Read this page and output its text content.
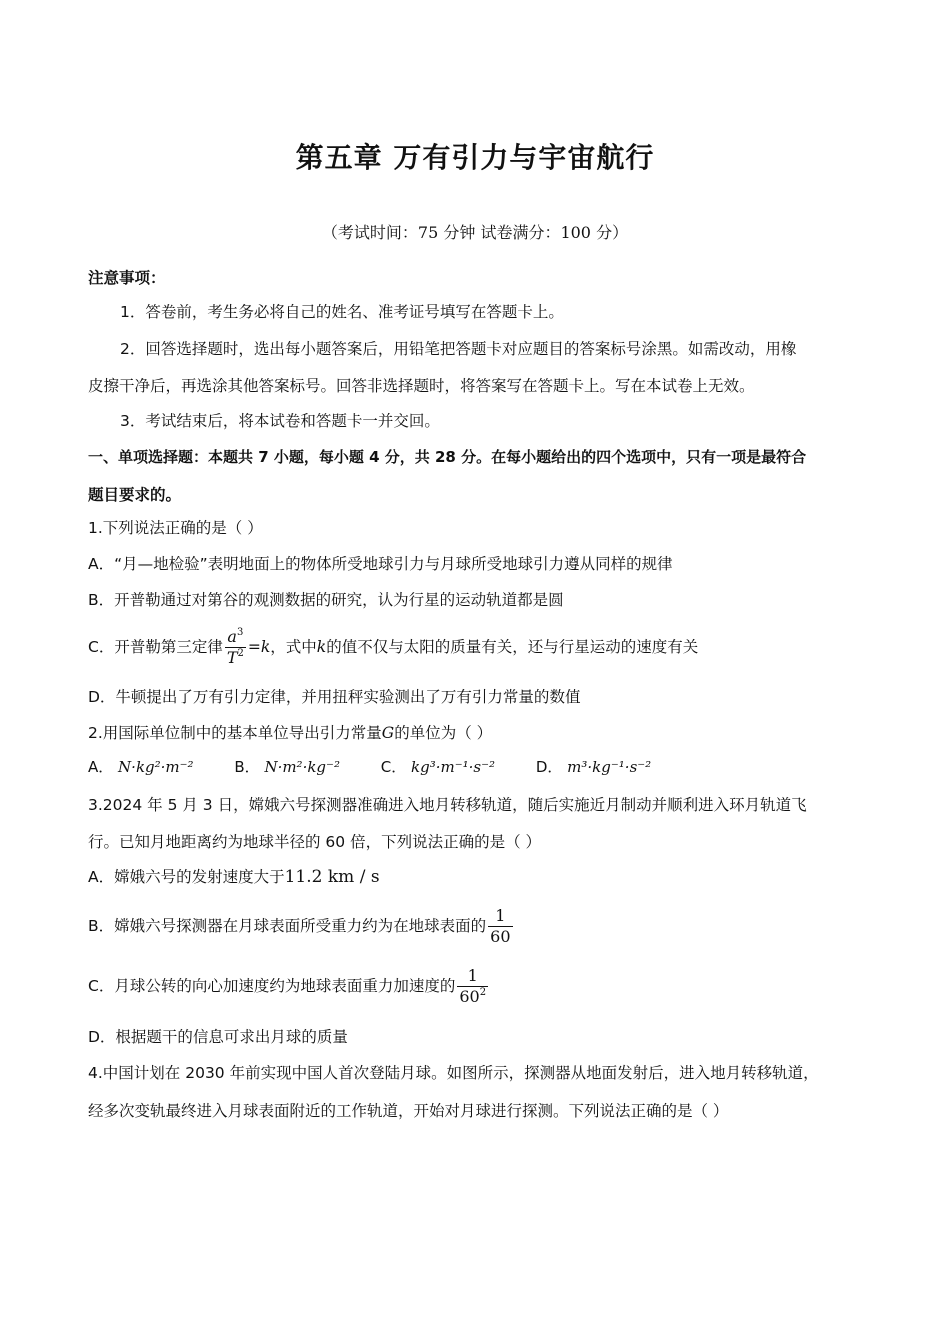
第五章 万有引力与宇宙航行
（考试时间：75 分钟 试卷满分：100 分）
注意事项：
1．答卷前，考生务必将自己的姓名、准考证号填写在答题卡上。
2．回答选择题时，选出每小题答案后，用铅笔把答题卡对应题目的答案标号涂黑。如需改动，用橡
皮擦干净后，再选涂其他答案标号。回答非选择题时，将答案写在答题卡上。写在本试卷上无效。
3．考试结束后，将本试卷和答题卡一并交回。
一、单项选择题：本题共 7 小题，每小题 4 分，共 28 分。在每小题给出的四个选项中，只有一项是最符合
题目要求的。
1.下列说法正确的是（ ）
A．“月—地检验”表明地面上的物体所受地球引力与月球所受地球引力遵从同样的规律
B．开普勒通过对第谷的观测数据的研究，认为行星的运动轨道都是圆
C．开普勒第三定律 $\frac{a^3}{T^2} =k$，式中k的值不仅与太阳的质量有关，还与行星运动的速度有关
D．牛顿提出了万有引力定律，并用扭秤实验测出了万有引力常量的数值
2.用国际单位制中的基本单位导出引力常量G的单位为（ ）
A． N·kg²·m⁻²	B． N·m²·kg⁻²	C． kg³·m⁻¹·s⁻²	D． m³·kg⁻¹·s⁻²
3.2024 年 5 月 3 日，嫦娥六号探测器准确进入地月转移轨道，随后实施近月制动并顺利进入环月轨道飞
行。已知月地距离约为地球半径的 60 倍，下列说法正确的是（ ）
A．嫦娥六号的发射速度大于11.2 km / s
B．嫦娥六号探测器在月球表面所受重力约为在地球表面的 $\frac{1}{60}$
C．月球公转的向心加速度约为地球表面重力加速度的 $\frac{1}{60^2}$
D．根据题干的信息可求出月球的质量
4.中国计划在 2030 年前实现中国人首次登陆月球。如图所示，探测器从地面发射后，进入地月转移轨道，
经多次变轨最终进入月球表面附近的工作轨道，开始对月球进行探测。下列说法正确的是（ ）
